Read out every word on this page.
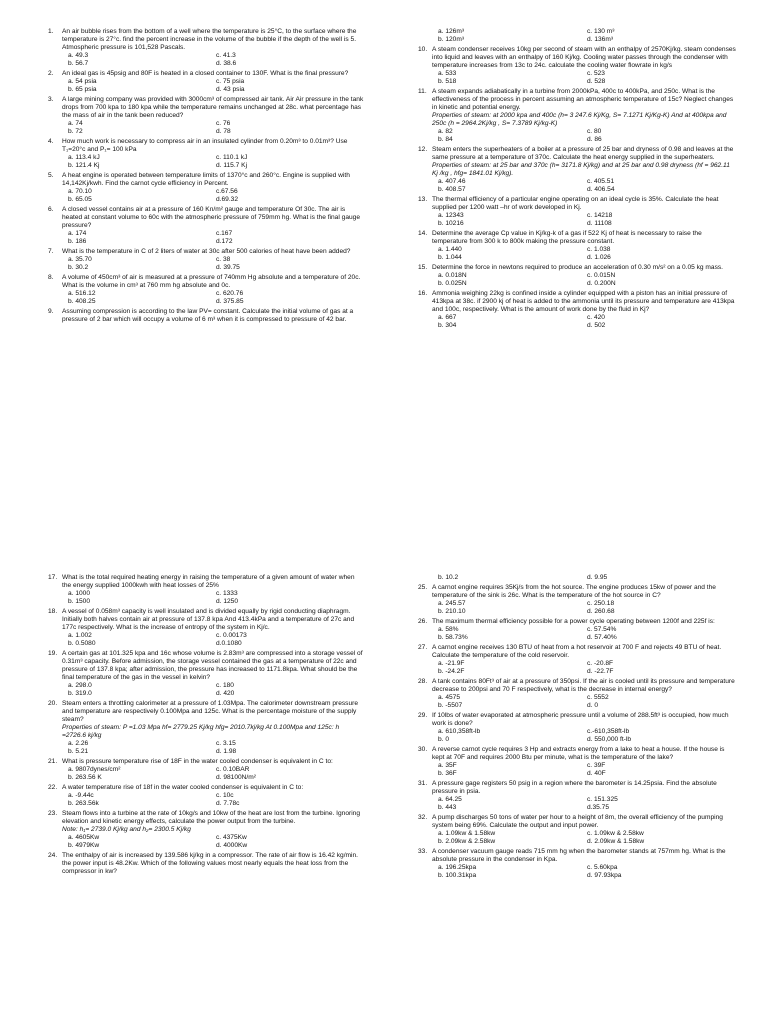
1. An air bubble rises from the bottom of a well where the temperature is 25°C, to the surface where the temperature is 27°c. find the percent increase in the volume of the bubble if the depth of the well is 5. Atmospheric pressure is 101,528 Pascals.
a. 49.3	c. 41.3
b. 56.7	d. 38.6
2. An ideal gas is 45psig and 80F is heated in a closed container to 130F. What is the final pressure?
a. 54 psia	c. 75 psia
b. 65 psia	d. 43 psia
3. A large mining company was provided with 3000cm³ of compressed air tank. Air Air pressure in the tank drops from 700 kpa to 180 kpa while the temperature remains unchanged at 28c. what percentage has the mass of air in the tank been reduced?
a. 74	c. 76
b. 72	d. 78
4. How much work is necessary to compress air in an insulated cylinder from 0.20m³ to 0.01m³? Use T₁=20°c and P₁= 100 kPa
a. 113.4 kJ	c. 110.1 kJ
b. 121.4 Kj	d. 115.7 Kj
5. A heat engine is operated between temperature limits of 1370°c and 260°c. Engine is supplied with 14,142Kj/kwh. Find the carnot cycle efficiency in Percent.
a. 70.10	c.67.56
b. 65.05	d.69.32
6. A closed vessel contains air at a pressure of 160 Kn/m² gauge and temperature Of 30c. The air is heated at constant volume to 60c with the atmospheric pressure of 759mm hg. What is the final gauge pressure?
a. 174	c.167
b. 186	d.172
7. What is the temperature in C of 2 liters of water at 30c after 500 calories of heat have been added?
a. 35.70	c. 38
b. 30.2	d. 39.75
8. A volume of 450cm³ of air is measured at a pressure of 740mm Hg absolute and a temperature of 20c. What is the volume in cm³ at 760 mm hg absolute and 0c.
a. 516.12	c. 620.76
b. 408.25	d. 375.85
9. Assuming compression is according to the law PV= constant. Calculate the initial volume of gas at a pressure of 2 bar which will occupy a volume of 6 m³ when it is compressed to pressure of 42 bar.
a. 126m³	c. 130 m³
b. 120m³	d. 136m³
10. A steam condenser receives 10kg per second of steam with an enthalpy of 2570Kj/kg. steam condenses into liquid and leaves with an enthalpy of 160 Kj/kg. Cooling water passes through the condenser with temperature increases from 13c to 24c. calculate the cooling water flowrate in kg/s
a. 533	c. 523
b. 518	d. 528
11. A steam expands adiabatically in a turbine from 2000kPa, 400c to 400kPa, and 250c. What is the effectiveness of the process in percent assuming an atmospheric temperature of 15c? Neglect changes in kinetic and potential energy.
Properties of steam: at 2000 kpa and 400c (h= 3 247.6 Kj/Kg, S= 7.1271 Kj/Kg-K) And at 400kpa and 250c (h = 2964.2Kj/kg , S= 7.3789 Kj/kg-K)
a. 82	c. 80
b. 84	d. 86
12. Steam enters the superheaters of a boiler at a pressure of 25 bar and dryness of 0.98 and leaves at the same pressure at a temperature of 370c. Calculate the heat energy supplied in the superheaters.
Properties of steam: at 25 bar and 370c (h= 3171.8 Kj/kg) and at 25 bar and 0.98 dryness (hf = 962.11 Kj /kg , hfg= 1841.01 Kj/kg).
a. 407.46	c. 405.51
b. 408.57	d. 406.54
13. The thermal efficiency of a particular engine operating on an ideal cycle is 35%. Calculate the heat supplied per 1200 watt –hr of work developed in Kj.
a. 12343	c. 14218
b. 10216	d. 11108
14. Determine the average Cp value in Kj/kg-k of a gas if 522 Kj of heat is necessary to raise the temperature from 300 k to 800k making the pressure constant.
a. 1.440	c. 1.038
b. 1.044	d. 1.026
15. Determine the force in newtons required to produce an acceleration of 0.30 m/s² on a 0.05 kg mass.
a. 0.018N	c. 0.015N
b. 0.025N	d. 0.200N
16. Ammonia weighing 22kg is confined inside a cylinder equipped with a piston has an initial pressure of 413kpa at 38c. if 2900 kj of heat is added to the ammonia until its pressure and temperature are 413kpa and 100c, respectively. What is the amount of work done by the fluid in Kj?
a. 667	c. 420
b. 304	d. 502
17. What is the total required heating energy in raising the temperature of a given amount of water when the energy supplied 1000kwh with heat losses of 25%
a. 1000	c. 1333
b. 1500	d. 1250
18. A vessel of 0.058m³ capacity is well insulated and is divided equally by rigid conducting diaphragm. Initially both halves contain air at pressure of 137.8 kpa And 413.4kPa and a temperature of 27c and 177c respectively. What is the increase of entropy of the system in Kj/c.
a. 1.002	c. 0.00173
b. 0.5080	d.0.1080
19. A certain gas at 101.325 kpa and 16c whose volume is 2.83m³ are compressed into a storage vessel of 0.31m³ capacity. Before admission, the storage vessel contained the gas at a temperature of 22c and pressure of 137.8 kpa; after admission, the pressure has increased to 1171.8kpa. What should be the final temperature of the gas in the vessel in kelvin?
a. 298.0	c. 180
b. 319.0	d. 420
20. Steam enters a throttling calorimeter at a pressure of 1.03Mpa. The calorimeter downstream pressure and temperature are respectively 0.100Mpa and 125c. What is the percentage moisture of the supply steam?
Properties of steam: P =1.03 Mpa hf= 2779.25 Kj/kg hfg= 2010.7kj/kg At 0.100Mpa and 125c: h =2726.6 kj/kg
a. 2.26	c. 3.15
b. 5.21	d. 1.98
21. What is pressure temperature rise of 18F in the water cooled condenser is equivalent in C to:
a. 9807dynes/cm²	c. 0.10BAR
b. 263.56 K	d. 98100N/m²
22. A water temperature rise of 18f in the water cooled condenser is equivalent in C to:
a. -9.44c	c. 10c
b. 263.56k	d. 7.78c
23. Steam flows into a turbine at the rate of 10kg/s and 10kw of the heat are lost from the turbine. Ignoring elevation and kinetic energy effects, calculate the power output from the turbine.
Note: h₁= 2739.0 Kj/kg and h₂= 2300.5 Kj/kg
a. 4605Kw	c. 4375Kw
b. 4979Kw	d. 4000Kw
24. The enthalpy of air is increased by 139.586 kj/kg in a compressor. The rate of air flow is 16.42 kg/min. the power input is 48.2Kw. Which of the following values most nearly equals the heat loss from the compressor in kw?
b. 10.2	d. 9.95
25. A carnot engine requires 35Kj/s from the hot source. The engine produces 15kw of power and the temperature of the sink is 26c. What is the temperature of the hot source in C?
a. 245.57	c. 250.18
b. 210.10	d. 260.68
26. The maximum thermal efficiency possible for a power cycle operating between 1200f and 225f is:
a. 58%	c. 57.54%
b. 58.73%	d. 57.40%
27. A carnot engine receives 130 BTU of heat from a hot reservoir at 700 F and rejects 49 BTU of heat. Calculate the temperature of the cold reservoir.
a. -21.9F	c. -20.8F
b. -24.2F	d. -22.7F
28. A tank contains 80Ft³ of air at a pressure of 350psi. If the air is cooled until its pressure and temperature decrease to 200psi and 70 F respectively, what is the decrease in internal energy?
a. 4575	c. 5552
b. -5507	d. 0
29. If 10lbs of water evaporated at atmospheric pressure until a volume of 288.5ft³ is occupied, how much work is done?
a. 610,358ft-lb	c.-610,358ft-lb
b. 0	d. 550,000 ft-lb
30. A reverse carnot cycle requires 3 Hp and extracts energy from a lake to heat a house. If the house is kept at 70F and requires 2000 Btu per minute, what is the temperature of the lake?
a. 35F	c. 39F
b. 36F	d. 40F
31. A pressure gage registers 50 psig in a region where the barometer is 14.25psia. Find the absolute pressure in psia.
a. 64.25	c. 151.325
b. 443	d.35.75
32. A pump discharges 50 tons of water per hour to a height of 8m, the overall efficiency of the pumping system being 69%. Calculate the output and input power.
a. 1.09kw & 1.58kw	c. 1.09kw & 2.58kw
b. 2.09kw & 2.58kw	d. 2.09kw & 1.58kw
33. A condenser vacuum gauge reads 715 mm hg when the barometer stands at 757mm hg. What is the absolute pressure in the condenser in Kpa.
a. 196.25kpa	c. 5.60kpa
b. 100.31kpa	d. 97.93kpa
